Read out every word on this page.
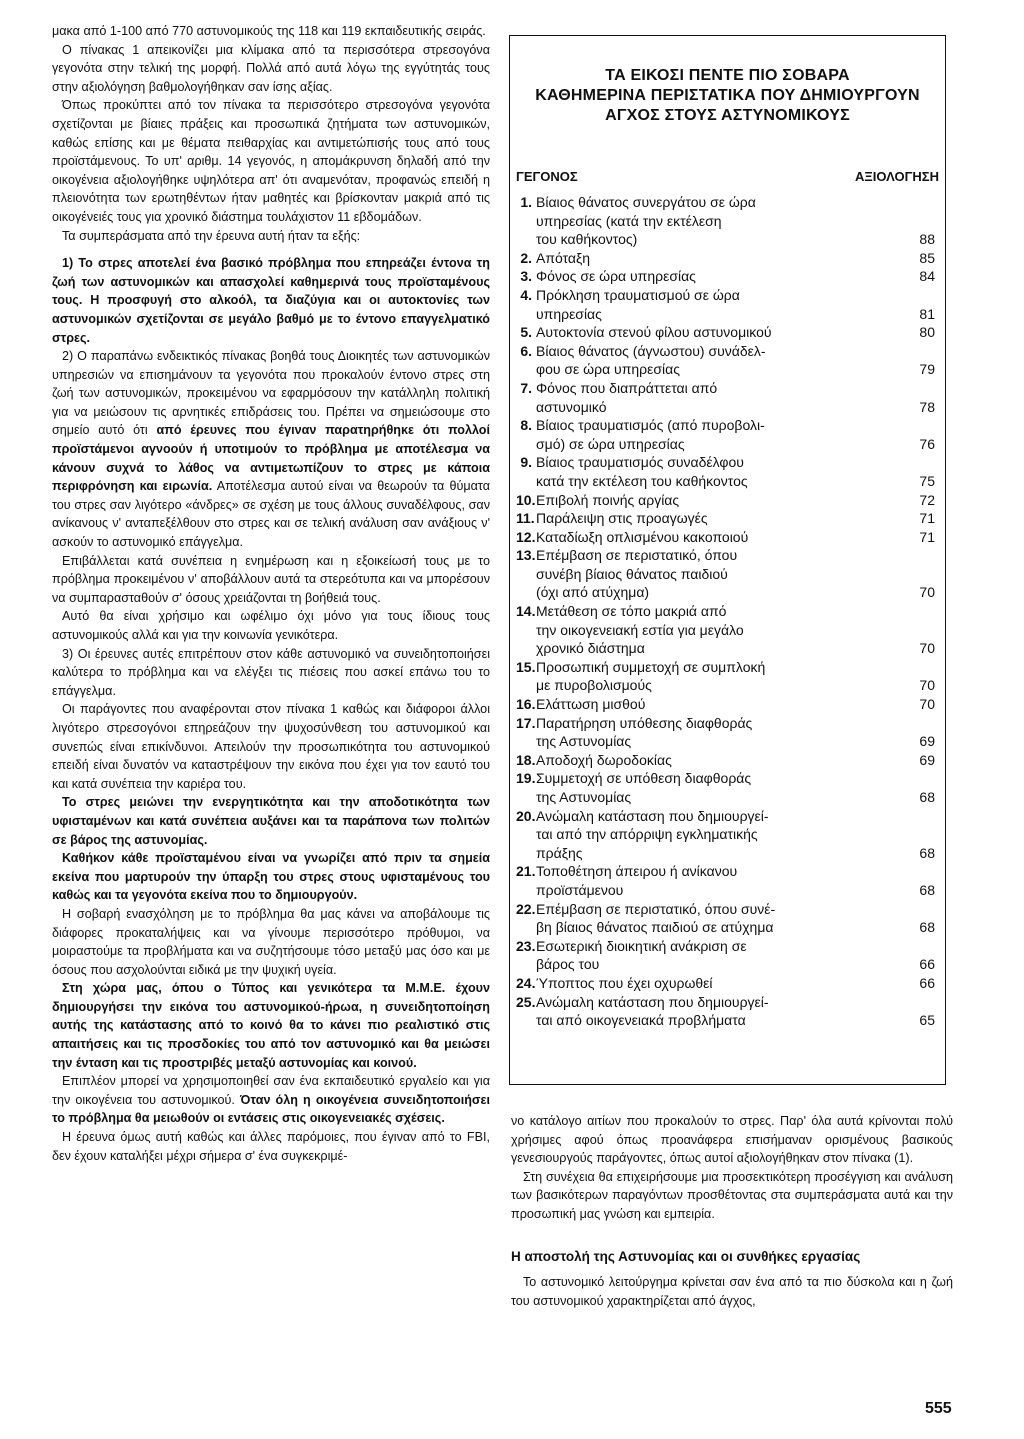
μακα από 1-100 από 770 αστυνομικούς της 118 και 119 εκπαιδευτικής σειράς.

Ο πίνακας 1 απεικονίζει μια κλίμακα από τα περισσότερα στρεσογόνα γεγονότα στην τελική της μορφή. Πολλά από αυτά λόγω της εγγύτητάς τους στην αξιολόγηση βαθμολογήθηκαν σαν ίσης αξίας.

Όπως προκύπτει από τον πίνακα τα περισσότερο στρεσογόνα γεγονότα σχετίζονται με βίαιες πράξεις και προσωπικά ζητήματα των αστυνομικών, καθώς επίσης και με θέματα πειθαρχίας και αντιμετώπισής τους από τους προϊστάμενους. Το υπ' αριθμ. 14 γεγονός, η απομάκρυνση δηλαδή από την οικογένεια αξιολογήθηκε υψηλότερα απ' ότι αναμενόταν, προφανώς επειδή η πλειονότητα των ερωτηθέντων ήταν μαθητές και βρίσκονταν μακριά από τις οικογένειές τους για χρονικό διάστημα τουλάχιστον 11 εβδομάδων.

Τα συμπεράσματα από την έρευνα αυτή ήταν τα εξής:

1) Το στρες αποτελεί ένα βασικό πρόβλημα που επηρεάζει έντονα τη ζωή των αστυνομικών και απασχολεί καθημερινά τους προϊσταμένους τους. Η προσφυγή στο αλκοόλ, τα διαζύγια και οι αυτοκτονίες των αστυνομικών σχετίζονται σε μεγάλο βαθμό με το έντονο επαγγελματικό στρες.

2) Ο παραπάνω ενδεικτικός πίνακας βοηθά τους Διοικητές των αστυνομικών υπηρεσιών να επισημάνουν τα γεγονότα που προκαλούν έντονο στρες στη ζωή των αστυνομικών, προκειμένου να εφαρμόσουν την κατάλληλη πολιτική για να μειώσουν τις αρνητικές επιδράσεις του. Πρέπει να σημειώσουμε στο σημείο αυτό ότι από έρευνες που έγιναν παρατηρήθηκε ότι πολλοί προϊστάμενοι αγνοούν ή υποτιμούν το πρόβλημα με αποτέλεσμα να κάνουν συχνά το λάθος να αντιμετωπίζουν το στρες με κάποια περιφρόνηση και ειρωνία. Αποτέλεσμα αυτού είναι να θεωρούν τα θύματα του στρες σαν λιγότερο «άνδρες» σε σχέση με τους άλλους συναδέλφους, σαν ανίκανους ν' ανταπεξέλθουν στο στρες και σε τελική ανάλυση σαν ανάξιους ν' ασκούν το αστυνομικό επάγγελμα.

Επιβάλλεται κατά συνέπεια η ενημέρωση και η εξοικείωσή τους με το πρόβλημα προκειμένου ν' αποβάλλουν αυτά τα στερεότυπα και να μπορέσουν να συμπαρασταθούν σ' όσους χρειάζονται τη βοήθειά τους.

Αυτό θα είναι χρήσιμο και ωφέλιμο όχι μόνο για τους ίδιους τους αστυνομικούς αλλά και για την κοινωνία γενικότερα.

3) Οι έρευνες αυτές επιτρέπουν στον κάθε αστυνομικό να συνειδητοποιήσει καλύτερα το πρόβλημα και να ελέγξει τις πιέσεις που ασκεί επάνω του το επάγγελμα.

Οι παράγοντες που αναφέρονται στον πίνακα 1 καθώς και διάφοροι άλλοι λιγότερο στρεσογόνοι επηρεάζουν την ψυχοσύνθεση του αστυνομικού και συνεπώς είναι επικίνδυνοι. Απειλούν την προσωπικότητα του αστυνομικού επειδή είναι δυνατόν να καταστρέψουν την εικόνα που έχει για τον εαυτό του και κατά συνέπεια την καριέρα του.

Το στρες μειώνει την ενεργητικότητα και την αποδοτικότητα των υφισταμένων και κατά συνέπεια αυξάνει και τα παράπονα των πολιτών σε βάρος της αστυνομίας.

Καθήκον κάθε προϊσταμένου είναι να γνωρίζει από πριν τα σημεία εκείνα που μαρτυρούν την ύπαρξη του στρες στους υφισταμένους του καθώς και τα γεγονότα εκείνα που το δημιουργούν.

Η σοβαρή ενασχόληση με το πρόβλημα θα μας κάνει να αποβάλουμε τις διάφορες προκαταλήψεις και να γίνουμε περισσότερο πρόθυμοι, να μοιραστούμε τα προβλήματα και να συζητήσουμε τόσο μεταξύ μας όσο και με όσους που ασχολούνται ειδικά με την ψυχική υγεία.

Στη χώρα μας, όπου ο Τύπος και γενικότερα τα Μ.Μ.Ε. έχουν δημιουργήσει την εικόνα του αστυνομικού-ήρωα, η συνειδητοποίηση αυτής της κατάστασης από το κοινό θα το κάνει πιο ρεαλιστικό στις απαιτήσεις και τις προσδοκίες του από τον αστυνομικό και θα μειώσει την ένταση και τις προστριβές μεταξύ αστυνομίας και κοινού.

Επιπλέον μπορεί να χρησιμοποιηθεί σαν ένα εκπαιδευτικό εργαλείο και για την οικογένεια του αστυνομικού. Όταν όλη η οικογένεια συνειδητοποιήσει το πρόβλημα θα μειωθούν οι εντάσεις στις οικογενειακές σχέσεις.

Η έρευνα όμως αυτή καθώς και άλλες παρόμοιες, που έγιναν από το FBI, δεν έχουν καταλήξει μέχρι σήμερα σ' ένα συγκεκριμέ-

ΤΑ ΕΙΚΟΣΙ ΠΕΝΤΕ ΠΙΟ ΣΟΒΑΡΑ
ΚΑΘΗΜΕΡΙΝΑ ΠΕΡΙΣΤΑΤΙΚΑ ΠΟΥ ΔΗΜΙΟΥΡΓΟΥΝ
ΑΓΧΟΣ ΣΤΟΥΣ ΑΣΤΥΝΟΜΙΚΟΥΣ
ΓΕΓΟΝΟΣ	ΑΞΙΟΛΟΓΗΣΗ
1. Βίαιος θάνατος συνεργάτου σε ώρα
υπηρεσίας (κατά την εκτέλεση
του καθήκοντος)	88
2. Απόταξη	85
3. Φόνος σε ώρα υπηρεσίας	84
4. Πρόκληση τραυματισμού σε ώρα
υπηρεσίας	81
5. Αυτοκτονία στενού φίλου αστυνομικού	80
6. Βίαιος θάνατος (άγνωστου) συνάδελ-
φου σε ώρα υπηρεσίας	79
7. Φόνος που διαπράττεται από
αστυνομικό	78
8. Βίαιος τραυματισμός (από πυροβολι-
σμό) σε ώρα υπηρεσίας	76
9. Βίαιος τραυματισμός συναδέλφου
κατά την εκτέλεση του καθήκοντος	75
10. Επιβολή ποινής αργίας	72
11. Παράλειψη στις προαγωγές	71
12. Καταδίωξη οπλισμένου κακοποιού	71
13. Επέμβαση σε περιστατικό, όπου
συνέβη βίαιος θάνατος παιδιού
(όχι από ατύχημα)	70
14. Μετάθεση σε τόπο μακριά από
την οικογενειακή εστία για μεγάλο
χρονικό διάστημα	70
15. Προσωπική συμμετοχή σε συμπλοκή
με πυροβολισμούς	70
16. Ελάττωση μισθού	70
17. Παρατήρηση υπόθεσης διαφθοράς
της Αστυνομίας	69
18. Αποδοχή δωροδοκίας	69
19. Συμμετοχή σε υπόθεση διαφθοράς
της Αστυνομίας	68
20. Ανώμαλη κατάσταση που δημιουργεί-
ται από την απόρριψη εγκληματικής
πράξης	68
21. Τοποθέτηση άπειρου ή ανίκανου
προϊστάμενου	68
22. Επέμβαση σε περιστατικό, όπου συνέ-
βη βίαιος θάνατος παιδιού σε ατύχημα	68
23. Εσωτερική διοικητική ανάκριση σε
βάρος του	66
24. Ύποπτος που έχει οχυρωθεί	66
25. Ανώμαλη κατάσταση που δημιουργεί-
ται από οικογενειακά προβλήματα	65

νο κατάλογο αιτίων που προκαλούν το στρες. Παρ' όλα αυτά κρίνονται πολύ χρήσιμες αφού όπως προανάφερα επισήμαναν ορισμένους βασικούς γενεσιουργούς παράγοντες, όπως αυτοί αξιολογήθηκαν στον πίνακα (1).

Στη συνέχεια θα επιχειρήσουμε μια προσεκτικότερη προσέγγιση και ανάλυση των βασικότερων παραγόντων προσθέτοντας στα συμπεράσματα αυτά και την προσωπική μας γνώση και εμπειρία.

Η αποστολή της Αστυνομίας και οι συνθήκες εργασίας

Το αστυνομικό λειτούργημα κρίνεται σαν ένα από τα πιο δύσκολα και η ζωή του αστυνομικού χαρακτηρίζεται από άγχος,

555
